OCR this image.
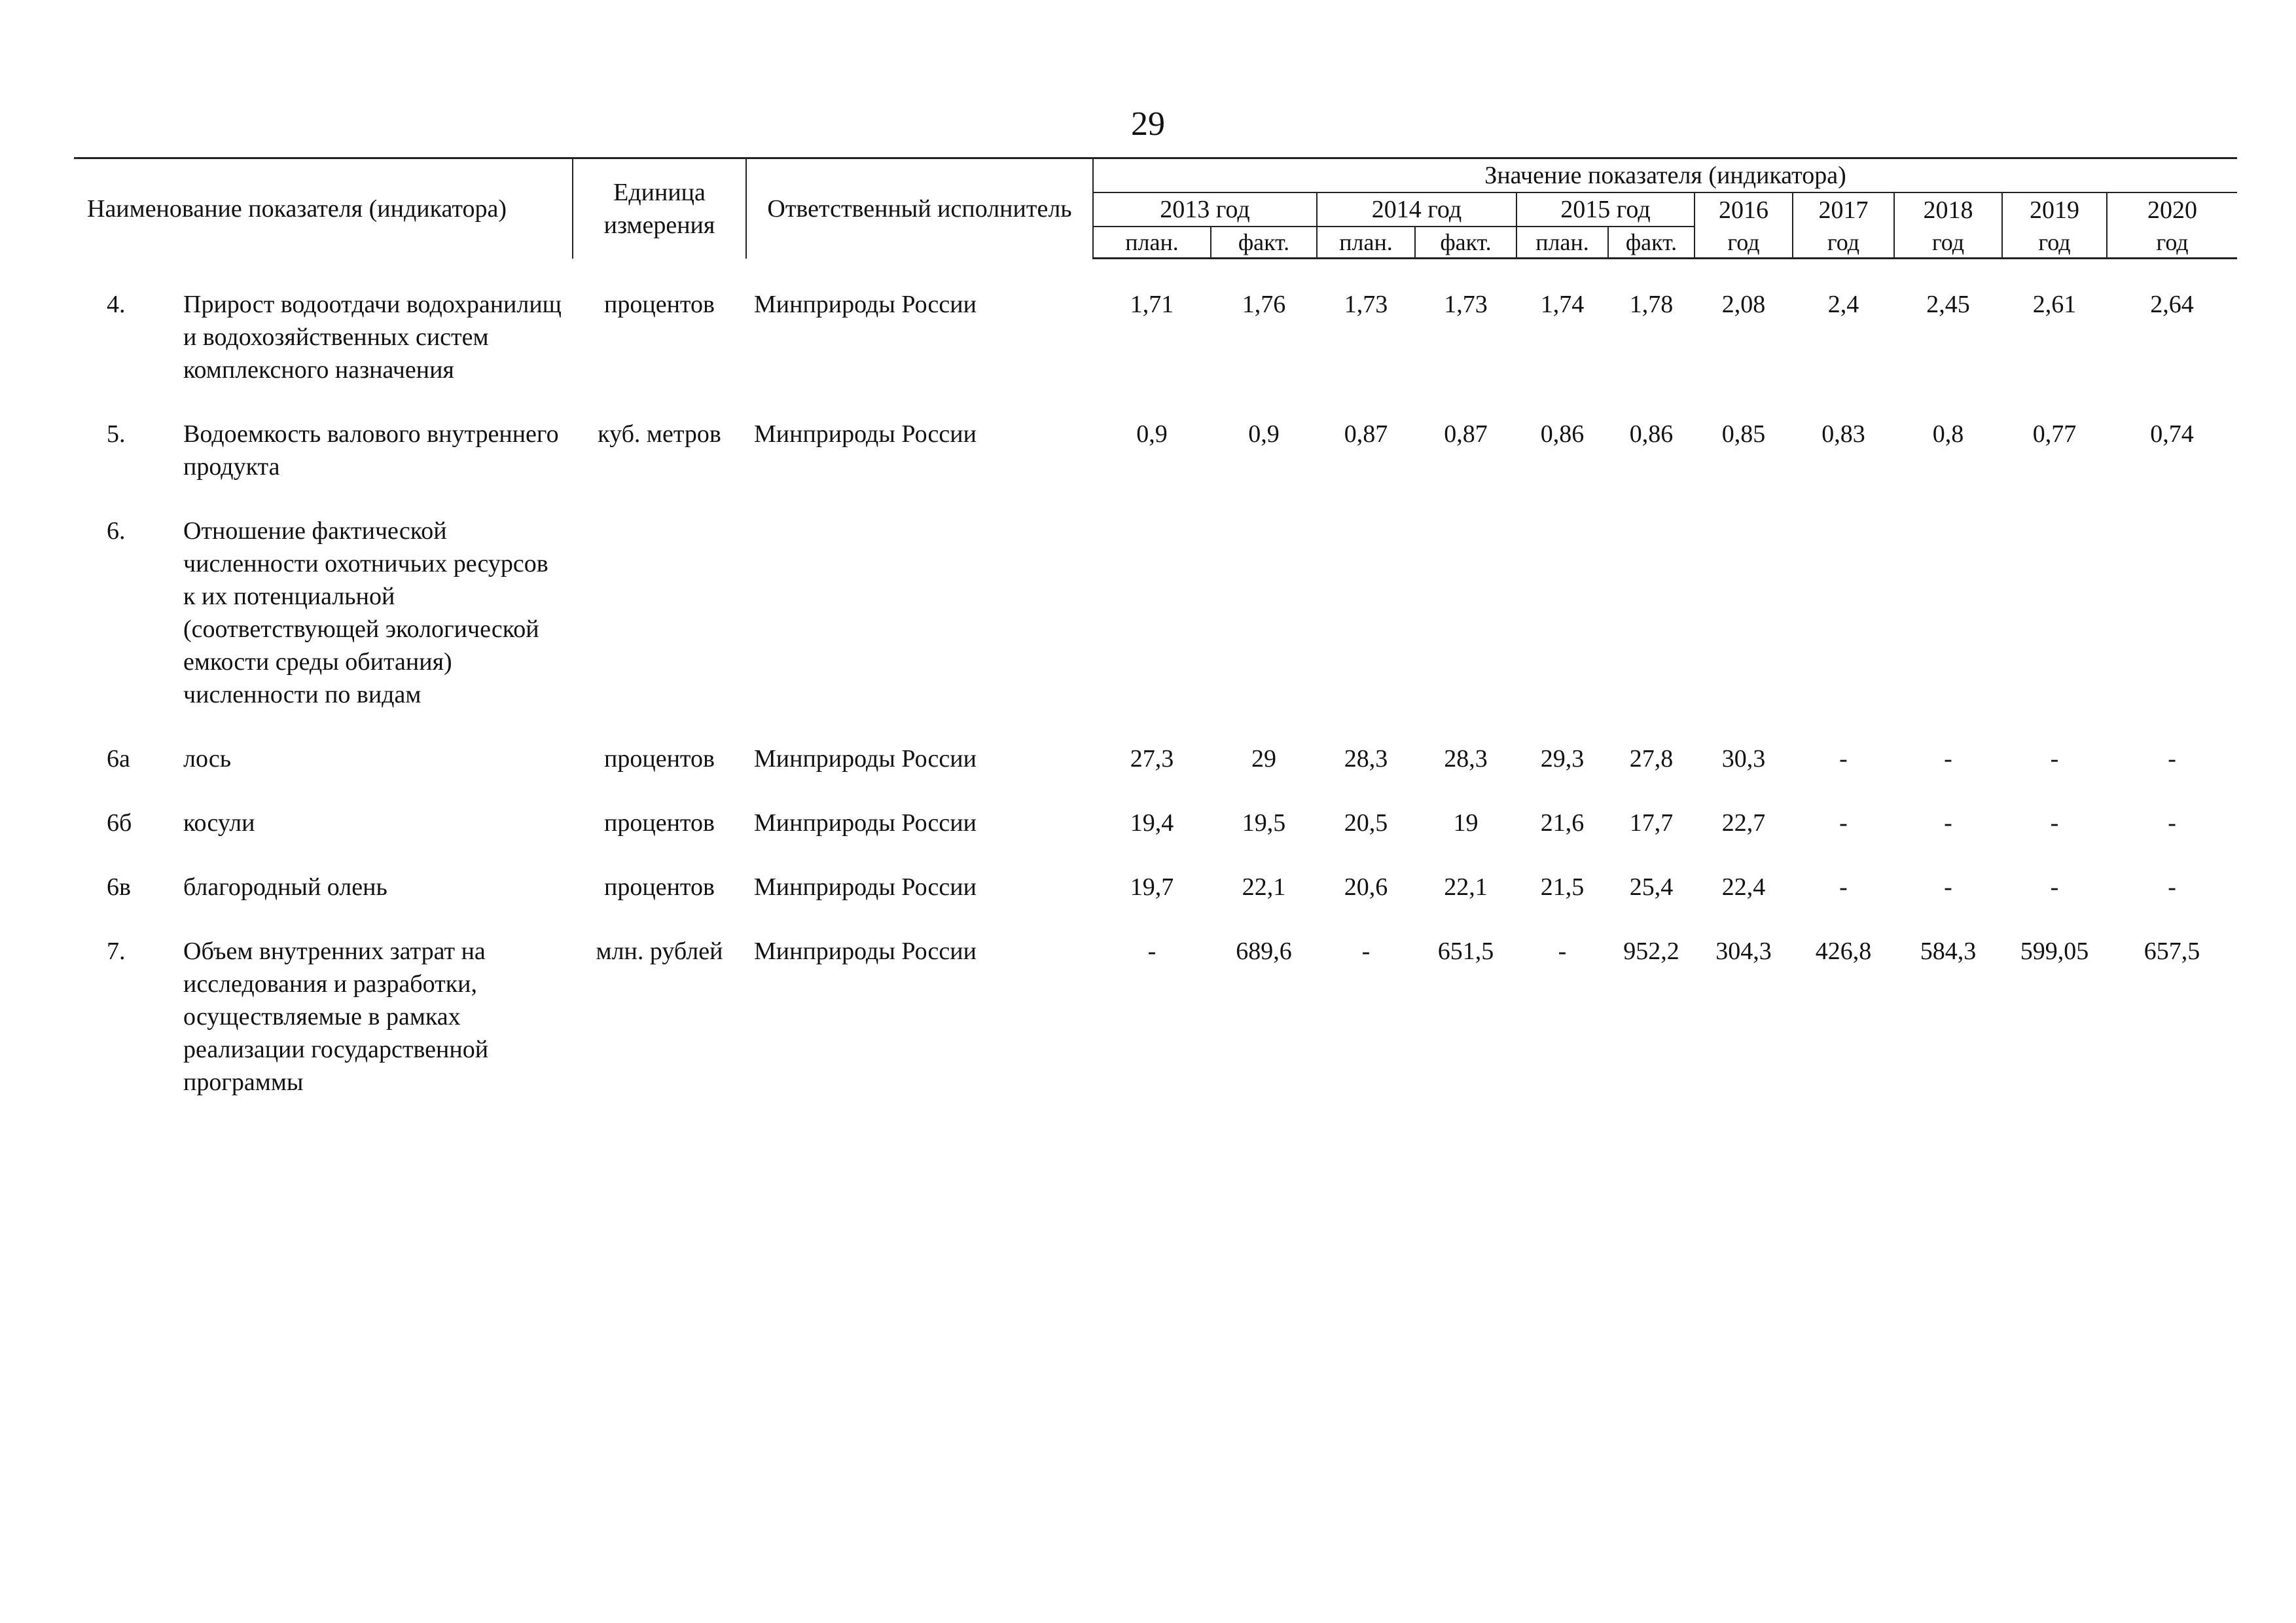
29
Наименование показателя (индикатора)		Единица измерения	Ответственный исполнитель	Значение показателя (индикатора)										
				2013 год		2014 год		2015 год		2016	2017	2018	2019	2020
				план.	факт.	план.	факт.	план.	факт.	год	год	год	год	год

4.	Прирост водоотдачи водохранилищ и водохозяйственных систем комплексного назначения	процентов	Минприроды России	1,71	1,76	1,73	1,73	1,74	1,78	2,08	2,4	2,45	2,61	2,64
5.	Водоемкость валового внутреннего продукта	куб. метров	Минприроды России	0,9	0,9	0,87	0,87	0,86	0,86	0,85	0,83	0,8	0,77	0,74
6.	Отношение фактической численности охотничьих ресурсов к их потенциальной (соответствующей экологической емкости среды обитания) численности по видам													
6а	лось	процентов	Минприроды России	27,3	29	28,3	28,3	29,3	27,8	30,3	-	-	-	-
6б	косули	процентов	Минприроды России	19,4	19,5	20,5	19	21,6	17,7	22,7	-	-	-	-
6в	благородный олень	процентов	Минприроды России	19,7	22,1	20,6	22,1	21,5	25,4	22,4	-	-	-	-
7.	Объем внутренних затрат на исследования и разработки, осуществляемые в рамках реализации государственной программы	млн. рублей	Минприроды России	-	689,6	-	651,5	-	952,2	304,3	426,8	584,3	599,05	657,5
